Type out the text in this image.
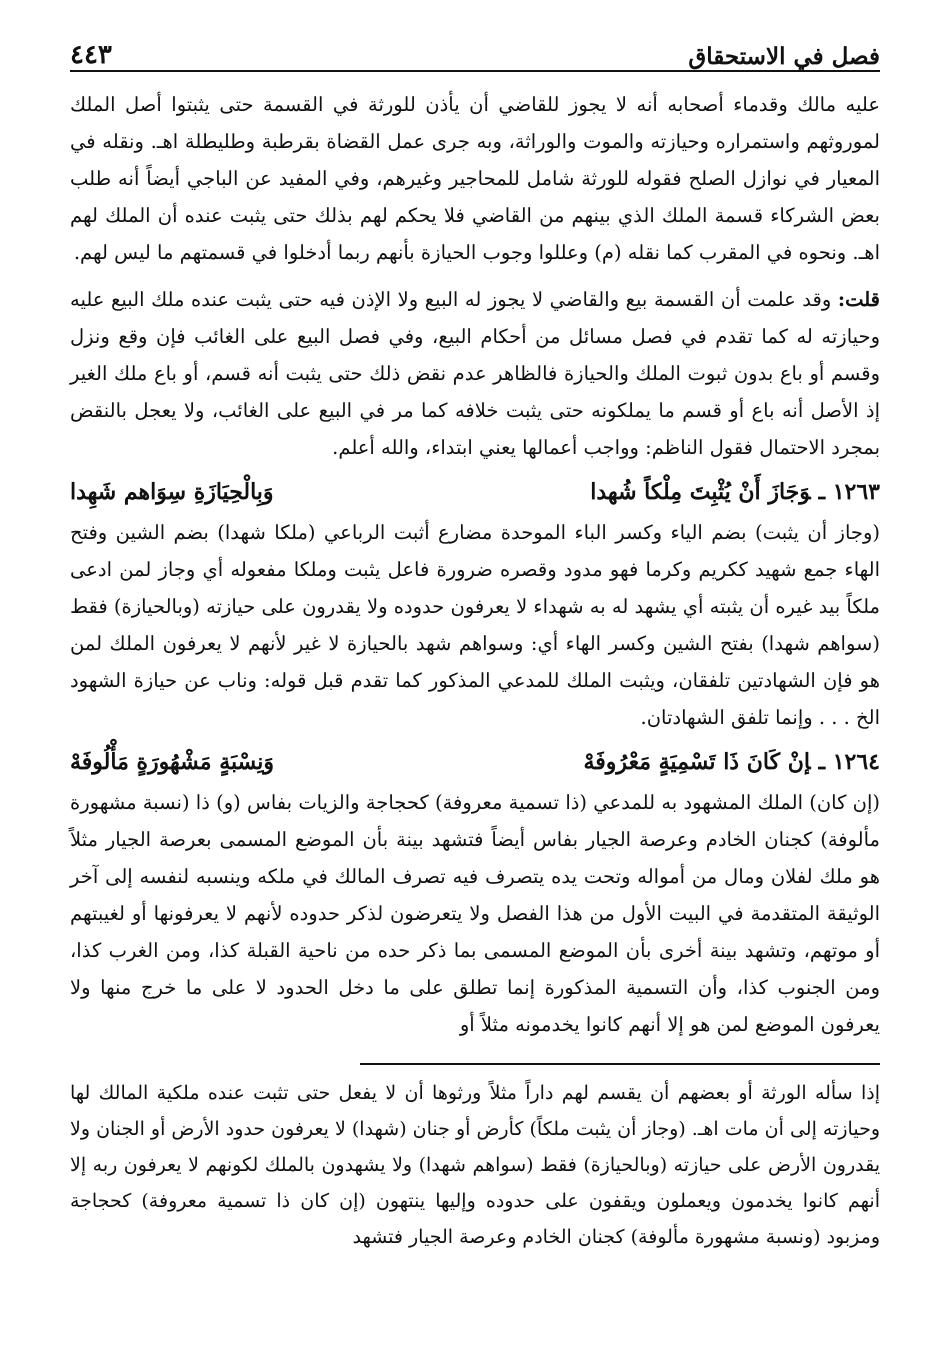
فصل في الاستحقاق
٤٤٣

عليه مالك وقدماء أصحابه أنه لا يجوز للقاضي أن يأذن للورثة في القسمة حتى يثبتوا أصل الملك لموروثهم واستمراره وحيازته والموت والوراثة، وبه جرى عمل القضاة بقرطبة وطليطلة اهـ. ونقله في المعيار في نوازل الصلح فقوله للورثة شامل للمحاجير وغيرهم، وفي المفيد عن الباجي أيضاً أنه طلب بعض الشركاء قسمة الملك الذي بينهم من القاضي فلا يحكم لهم بذلك حتى يثبت عنده أن الملك لهم اهـ. ونحوه في المقرب كما نقله (م) وعللوا وجوب الحيازة بأنهم ربما أدخلوا في قسمتهم ما ليس لهم.

قلت: وقد علمت أن القسمة بيع والقاضي لا يجوز له البيع ولا الإذن فيه حتى يثبت عنده ملك البيع عليه وحيازته له كما تقدم في فصل مسائل من أحكام البيع، وفي فصل البيع على الغائب فإن وقع ونزل وقسم أو باع بدون ثبوت الملك والحيازة فالظاهر عدم نقض ذلك حتى يثبت أنه قسم، أو باع ملك الغير إذ الأصل أنه باع أو قسم ما يملكونه حتى يثبت خلافه كما مر في البيع على الغائب، ولا يعجل بالنقض بمجرد الاحتمال فقول الناظم: وواجب أعمالها يعني ابتداء، والله أعلم.

١٢٦٣ ـوَجَازَ أَنْ يُثْبِتَ مِلْكاً شُهدا
وَبِالْحِيَازَةِ سِوَاهم شَهِدا

(وجاز أن يثبت) بضم الياء وكسر الباء الموحدة مضارع أثبت الرباعي (ملكا شهدا) بضم الشين وفتح الهاء جمع شهيد ككريم وكرما فهو مدود وقصره ضرورة فاعل يثبت وملكا مفعوله أي وجاز لمن ادعى ملكاً بيد غيره أن يثبته أي يشهد له به شهداء لا يعرفون حدوده ولا يقدرون على حيازته (وبالحيازة) فقط (سواهم شهدا) بفتح الشين وكسر الهاء أي: وسواهم شهد بالحيازة لا غير لأنهم لا يعرفون الملك لمن هو فإن الشهادتين تلفقان، ويثبت الملك للمدعي المذكور كما تقدم قبل قوله: وناب عن حيازة الشهود الخ . . . وإنما تلفق الشهادتان.

١٢٦٤ ـإنْ كَانَ ذَا تَسْمِيَةٍ مَعْرُوفَهْ
وَنِسْبَةٍ مَشْهُورَةٍ مَأْلُوفَهْ

(إن كان) الملك المشهود به للمدعي (ذا تسمية معروفة) كحجاجة والزيات بفاس (و) ذا (نسبة مشهورة مألوفة) كجنان الخادم وعرصة الجيار بفاس أيضاً فتشهد بينة بأن الموضع المسمى بعرصة الجيار مثلاً هو ملك لفلان ومال من أمواله وتحت يده يتصرف فيه تصرف المالك في ملكه وينسبه لنفسه إلى آخر الوثيقة المتقدمة في البيت الأول من هذا الفصل ولا يتعرضون لذكر حدوده لأنهم لا يعرفونها أو لغيبتهم أو موتهم، وتشهد بينة أخرى بأن الموضع المسمى بما ذكر حده من ناحية القبلة كذا، ومن الغرب كذا، ومن الجنوب كذا، وأن التسمية المذكورة إنما تطلق على ما دخل الحدود لا على ما خرج منها ولا يعرفون الموضع لمن هو إلا أنهم كانوا يخدمونه مثلاً أو

إذا سأله الورثة أو بعضهم أن يقسم لهم داراً مثلاً ورثوها أن لا يفعل حتى تثبت عنده ملكية المالك لها وحيازته إلى أن مات اهـ. (وجاز أن يثبت ملكاً) كأرض أو جنان (شهدا) لا يعرفون حدود الأرض أو الجنان ولا يقدرون الأرض على حيازته (وبالحيازة) فقط (سواهم شهدا) ولا يشهدون بالملك لكونهم لا يعرفون ربه إلا أنهم كانوا يخدمون ويعملون ويقفون على حدوده وإليها ينتهون (إن كان ذا تسمية معروفة) كحجاجة ومزبود (ونسبة مشهورة مألوفة) كجنان الخادم وعرصة الجيار فتشهد
